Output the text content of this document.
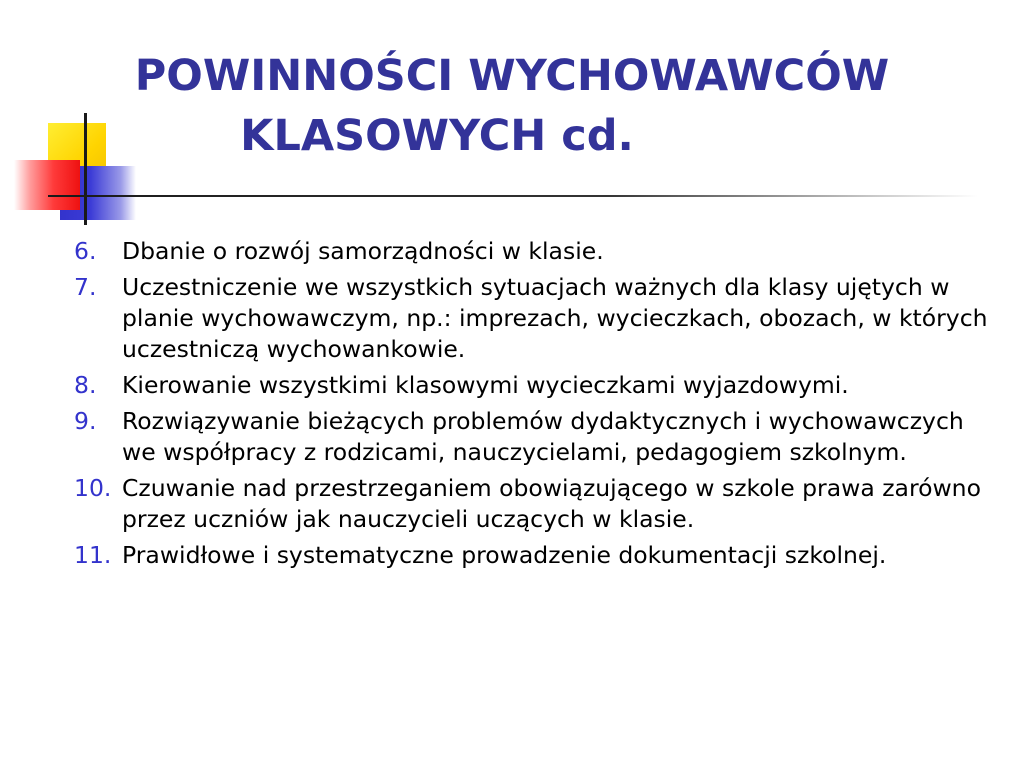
POWINNOŚCI WYCHOWAWCÓW
KLASOWYCH cd.
6. Dbanie o rozwój samorządności w klasie.
7. Uczestniczenie we wszystkich sytuacjach ważnych dla klasy ujętych w planie wychowawczym, np.: imprezach, wycieczkach, obozach, w których uczestniczą wychowankowie.
8. Kierowanie wszystkimi klasowymi wycieczkami wyjazdowymi.
9. Rozwiązywanie bieżących problemów dydaktycznych i wychowawczych we współpracy z rodzicami, nauczycielami, pedagogiem szkolnym.
10. Czuwanie nad przestrzeganiem obowiązującego w szkole prawa zarówno przez uczniów jak nauczycieli uczących w klasie.
11. Prawidłowe i systematyczne prowadzenie dokumentacji szkolnej.
